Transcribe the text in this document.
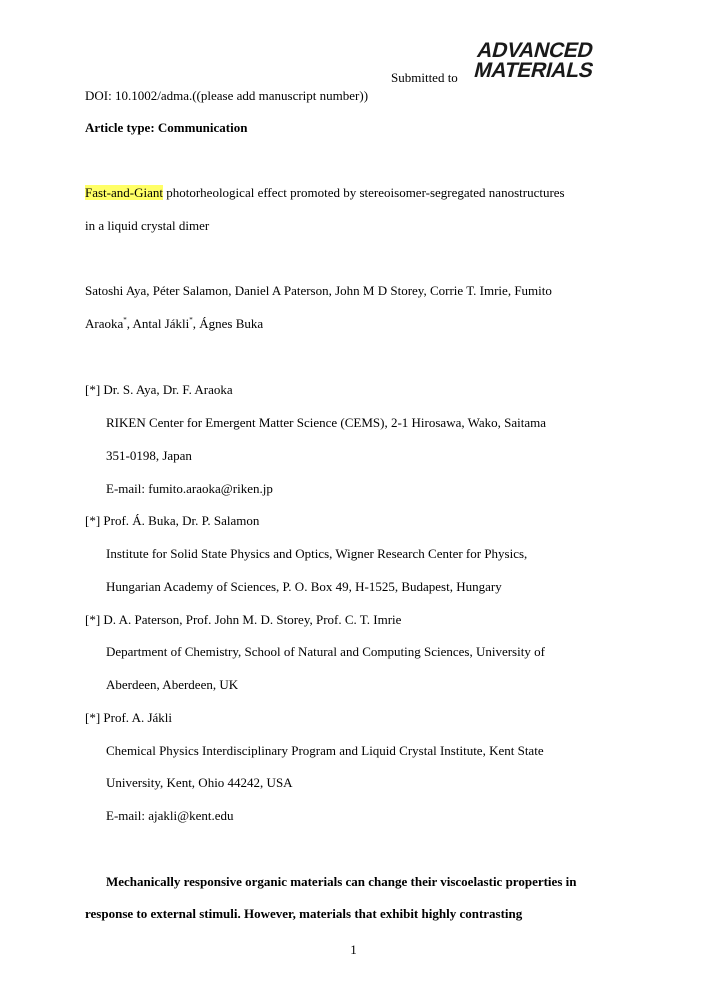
Submitted to
ADVANCED
MATERIALS
DOI: 10.1002/adma.((please add manuscript number))
Article type: Communication
Fast-and-Giant photorheological effect promoted by stereoisomer-segregated nanostructures
in a liquid crystal dimer
Satoshi Aya, Péter Salamon, Daniel A Paterson, John M D Storey, Corrie T. Imrie, Fumito
Araoka*, Antal Jákli*, Ágnes Buka
[*] Dr. S. Aya, Dr. F. Araoka
RIKEN Center for Emergent Matter Science (CEMS), 2-1 Hirosawa, Wako, Saitama
351-0198, Japan
E-mail: fumito.araoka@riken.jp
[*] Prof. Á. Buka, Dr. P. Salamon
Institute for Solid State Physics and Optics, Wigner Research Center for Physics,
Hungarian Academy of Sciences, P. O. Box 49, H-1525, Budapest, Hungary
[*] D. A. Paterson, Prof. John M. D. Storey, Prof. C. T. Imrie
Department of Chemistry, School of Natural and Computing Sciences, University of
Aberdeen, Aberdeen, UK
[*] Prof. A. Jákli
Chemical Physics Interdisciplinary Program and Liquid Crystal Institute, Kent State
University, Kent, Ohio 44242, USA
E-mail: ajakli@kent.edu
Mechanically responsive organic materials can change their viscoelastic properties in
response to external stimuli. However, materials that exhibit highly contrasting
1
